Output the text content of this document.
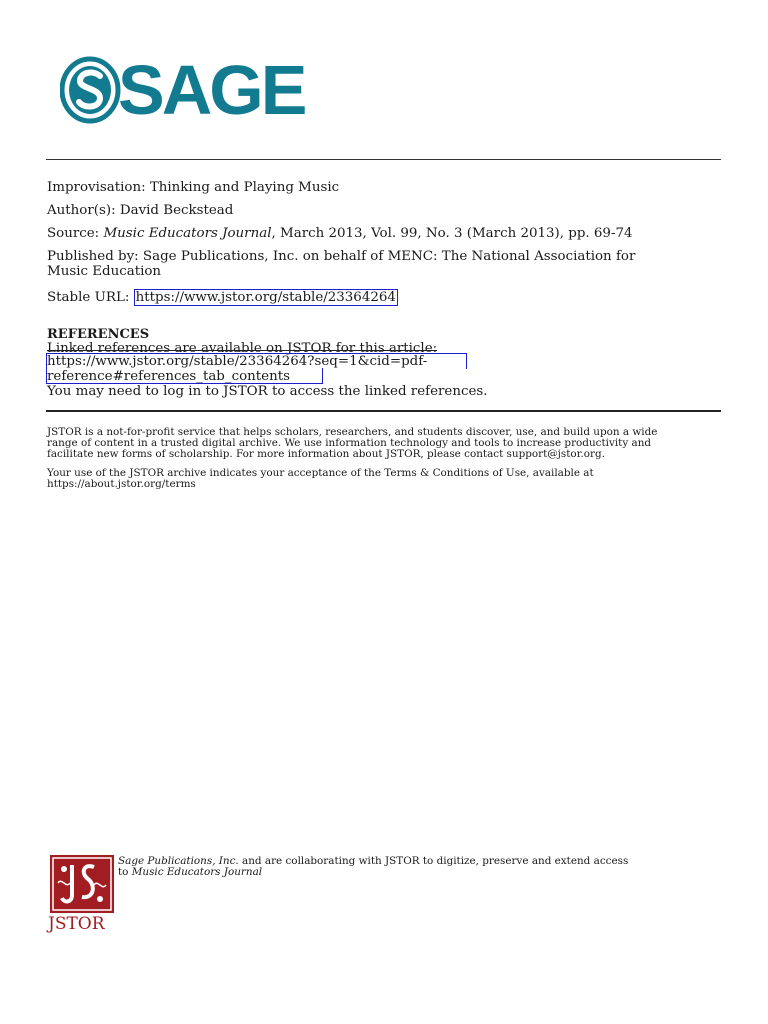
SAGE

Improvisation: Thinking and Playing Music
Author(s): David Beckstead
Source: Music Educators Journal, March 2013, Vol. 99, No. 3 (March 2013), pp. 69-74
Published by: Sage Publications, Inc. on behalf of MENC: The National Association for
Music Education
Stable URL: https://www.jstor.org/stable/23364264
REFERENCES
Linked references are available on JSTOR for this article:
https://www.jstor.org/stable/23364264?seq=1&cid=pdf-
reference#references_tab_contents
You may need to log in to JSTOR to access the linked references.
JSTOR is a not-for-profit service that helps scholars, researchers, and students discover, use, and build upon a wide
range of content in a trusted digital archive. We use information technology and tools to increase productivity and
facilitate new forms of scholarship. For more information about JSTOR, please contact support@jstor.org.
Your use of the JSTOR archive indicates your acceptance of the Terms & Conditions of Use, available at
https://about.jstor.org/terms
JSTOR
Sage Publications, Inc. and are collaborating with JSTOR to digitize, preserve and extend access
to Music Educators Journal
